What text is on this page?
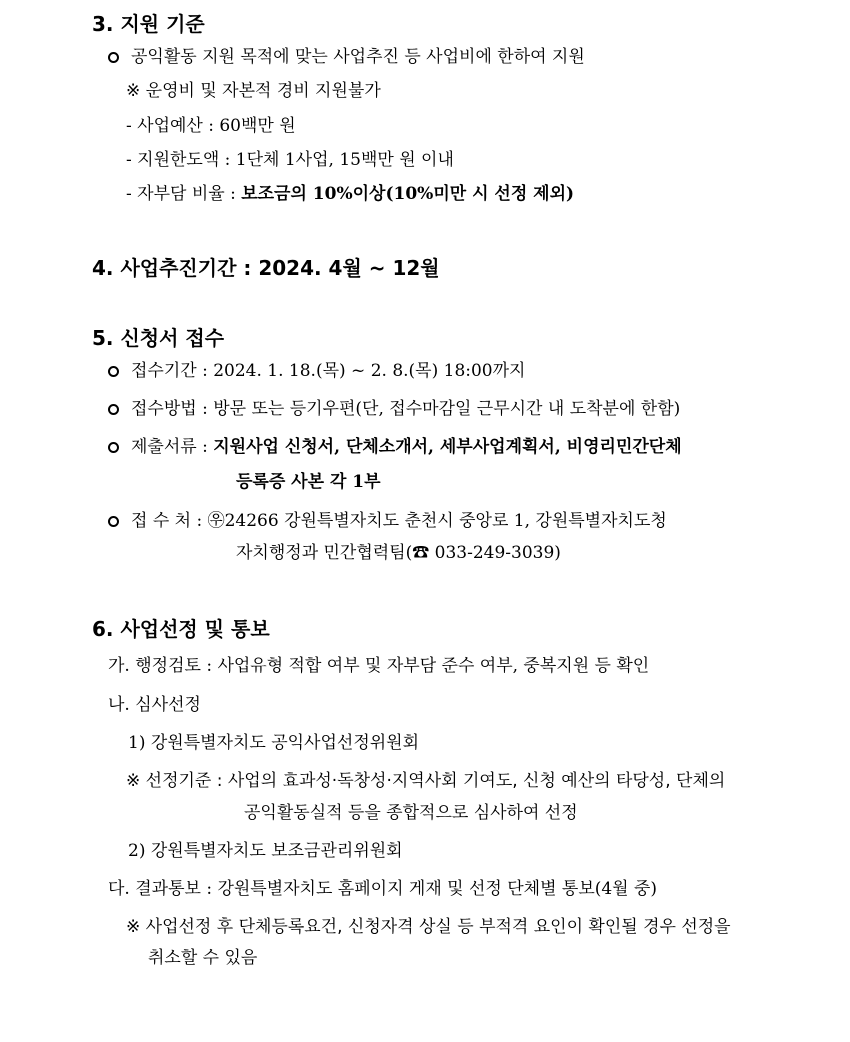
3. 지원 기준
공익활동 지원 목적에 맞는 사업추진 등 사업비에 한하여 지원
※ 운영비 및 자본적 경비 지원불가
- 사업예산 : 60백만 원
- 지원한도액 : 1단체 1사업, 15백만 원 이내
- 자부담 비율 : 보조금의 10%이상(10%미만 시 선정 제외)
4. 사업추진기간 : 2024. 4월 ~ 12월
5. 신청서 접수
접수기간 : 2024. 1. 18.(목) ~ 2. 8.(목) 18:00까지
접수방법 : 방문 또는 등기우편(단, 접수마감일 근무시간 내 도착분에 한함)
제출서류 : 지원사업 신청서, 단체소개서, 세부사업계획서, 비영리민간단체
등록증 사본 각 1부
접 수 처 : ㉾24266 강원특별자치도 춘천시 중앙로 1, 강원특별자치도청
자치행정과 민간협력팀(☎ 033-249-3039)
6. 사업선정 및 통보
가. 행정검토 : 사업유형 적합 여부 및 자부담 준수 여부, 중복지원 등 확인
나. 심사선정
1) 강원특별자치도 공익사업선정위원회
※ 선정기준 : 사업의 효과성·독창성·지역사회 기여도, 신청 예산의 타당성, 단체의
공익활동실적 등을 종합적으로 심사하여 선정
2) 강원특별자치도 보조금관리위원회
다. 결과통보 : 강원특별자치도 홈페이지 게재 및 선정 단체별 통보(4월 중)
※ 사업선정 후 단체등록요건, 신청자격 상실 등 부적격 요인이 확인될 경우 선정을
취소할 수 있음
